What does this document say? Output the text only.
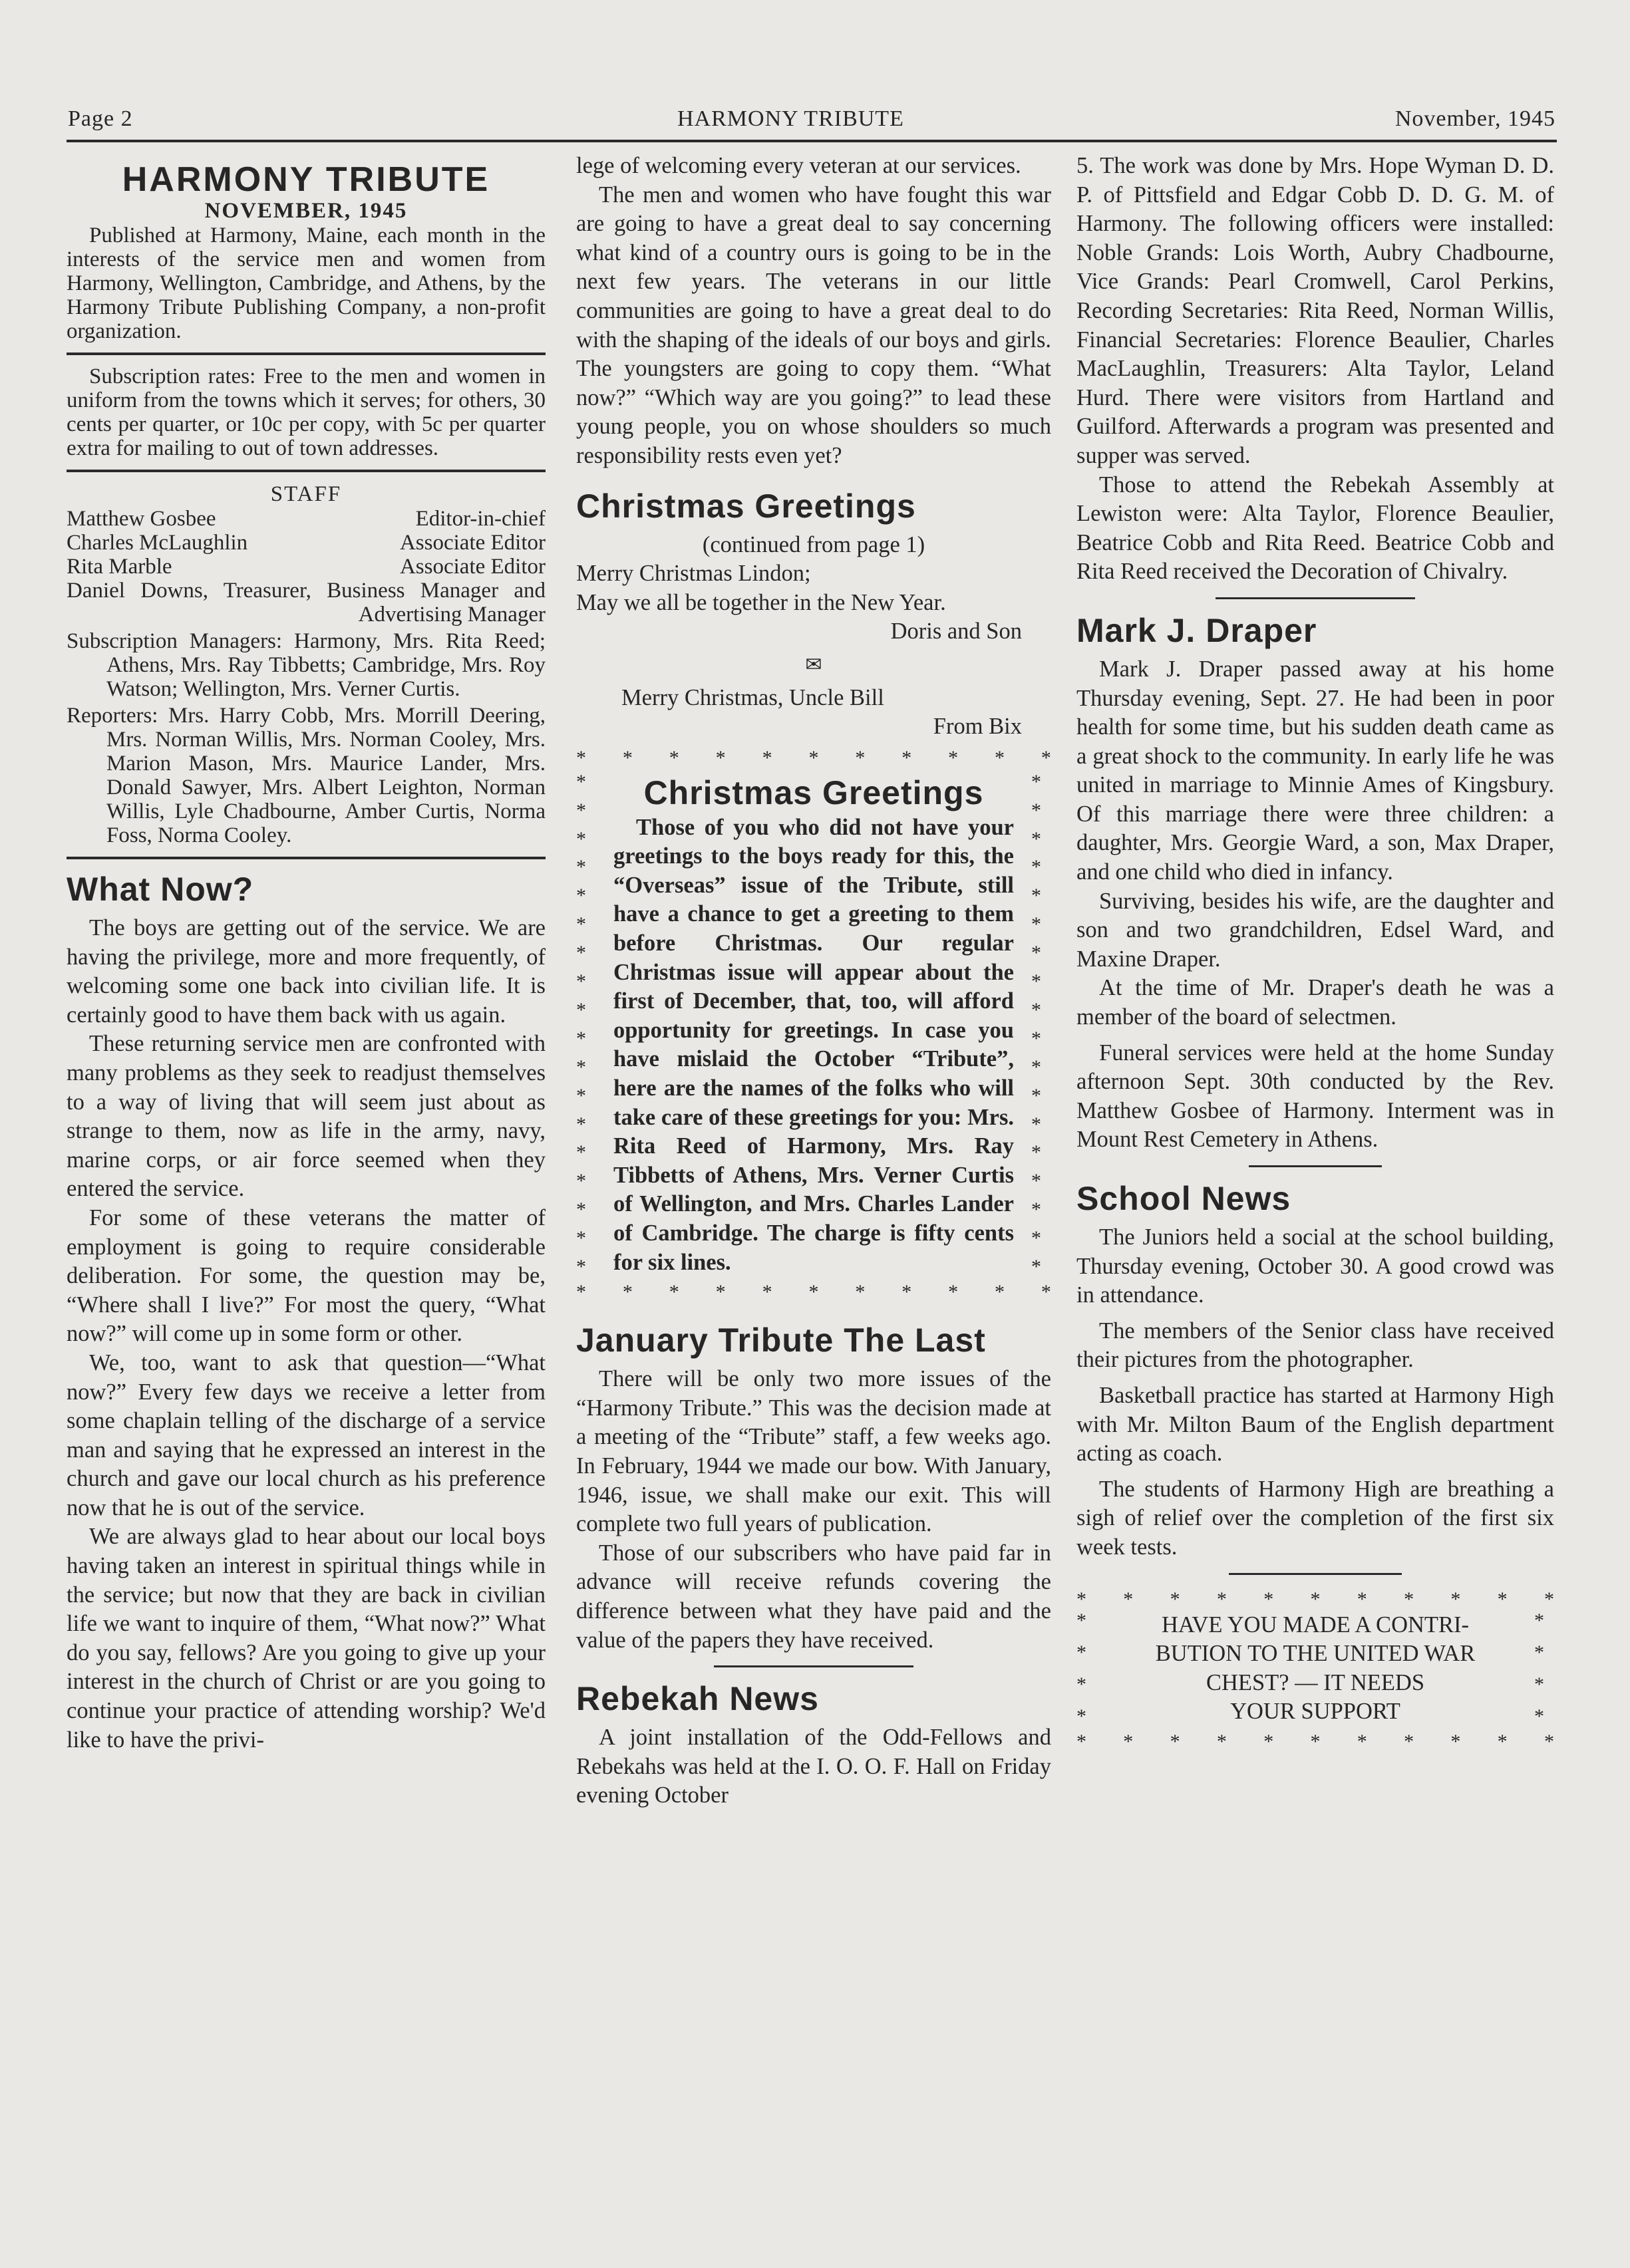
Page 2	HARMONY TRIBUTE	November, 1945
HARMONY TRIBUTE
NOVEMBER, 1945

Published at Harmony, Maine, each month in the interests of the service men and women from Harmony, Wellington, Cambridge, and Athens, by the Harmony Tribute Publishing Company, a non-profit organization.

Subscription rates: Free to the men and women in uniform from the towns which it serves; for others, 30 cents per quarter, or 10c per copy, with 5c per quarter extra for mailing to out of town addresses.

STAFF
Matthew Gosbee	Editor-in-chief
Charles McLaughlin	Associate Editor
Rita Marble	Associate Editor

Daniel Downs, Treasurer, Business Manager and Advertising Manager

Subscription Managers: Harmony, Mrs. Rita Reed; Athens, Mrs. Ray Tibbetts; Cambridge, Mrs. Roy Watson; Wellington, Mrs. Verner Curtis.

Reporters: Mrs. Harry Cobb, Mrs. Morrill Deering, Mrs. Norman Willis, Mrs. Norman Cooley, Mrs. Marion Mason, Mrs. Maurice Lander, Mrs. Donald Sawyer, Mrs. Albert Leighton, Norman Willis, Lyle Chadbourne, Amber Curtis, Norma Foss, Norma Cooley.

What Now?

The boys are getting out of the service. We are having the privilege, more and more frequently, of welcoming some one back into civilian life. It is certainly good to have them back with us again.

These returning service men are confronted with many problems as they seek to readjust themselves to a way of living that will seem just about as strange to them, now as life in the army, navy, marine corps, or air force seemed when they entered the service.

For some of these veterans the matter of employment is going to require considerable deliberation. For some, the question may be, “Where shall I live?” For most the query, “What now?” will come up in some form or other.

We, too, want to ask that question—“What now?” Every few days we receive a letter from some chaplain telling of the discharge of a service man and saying that he expressed an interest in the church and gave our local church as his preference now that he is out of the service.

We are always glad to hear about our local boys having taken an interest in spiritual things while in the service; but now that they are back in civilian life we want to inquire of them, “What now?” What do you say, fellows? Are you going to give up your interest in the church of Christ or are you going to continue your practice of attending worship? We'd like to have the privi-

lege of welcoming every veteran at our services.

The men and women who have fought this war are going to have a great deal to say concerning what kind of a country ours is going to be in the next few years. The veterans in our little communities are going to have a great deal to do with the shaping of the ideals of our boys and girls. The youngsters are going to copy them. “What now?” “Which way are you going?” to lead these young people, you on whose shoulders so much responsibility rests even yet?

Christmas Greetings
(continued from page 1)
Merry Christmas Lindon;
May we all be together in the New Year.
Doris and Son
✉
Merry Christmas, Uncle Bill
From Bix
* * * * * * * * * * *
*
*
*
*
*
*
*
*
*
*
*
*
*
*
*
*
*
*
*
*
*
*
*
*
*
*
*
*
*
*
*
*
*
*
*
*
Christmas Greetings

Those of you who did not have your greetings to the boys ready for this, the “Overseas” issue of the Tribute, still have a chance to get a greeting to them before Christmas. Our regular Christmas issue will appear about the first of December, that, too, will afford opportunity for greetings. In case you have mislaid the October “Tribute”, here are the names of the folks who will take care of these greetings for you: Mrs. Rita Reed of Harmony, Mrs. Ray Tibbetts of Athens, Mrs. Verner Curtis of Wellington, and Mrs. Charles Lander of Cambridge. The charge is fifty cents for six lines.

* * * * * * * * * * *
January Tribute The Last

There will be only two more issues of the “Harmony Tribute.” This was the decision made at a meeting of the “Tribute” staff, a few weeks ago. In February, 1944 we made our bow. With January, 1946, issue, we shall make our exit. This will complete two full years of publication.

Those of our subscribers who have paid far in advance will receive refunds covering the difference between what they have paid and the value of the papers they have received.

Rebekah News

A joint installation of the Odd-Fellows and Rebekahs was held at the I. O. O. F. Hall on Friday evening October

5. The work was done by Mrs. Hope Wyman D. D. P. of Pittsfield and Edgar Cobb D. D. G. M. of Harmony. The following officers were installed: Noble Grands: Lois Worth, Aubry Chadbourne, Vice Grands: Pearl Cromwell, Carol Perkins, Recording Secretaries: Rita Reed, Norman Willis, Financial Secretaries: Florence Beaulier, Charles MacLaughlin, Treasurers: Alta Taylor, Leland Hurd. There were visitors from Hartland and Guilford. Afterwards a program was presented and supper was served.

Those to attend the Rebekah Assembly at Lewiston were: Alta Taylor, Florence Beaulier, Beatrice Cobb and Rita Reed. Beatrice Cobb and Rita Reed received the Decoration of Chivalry.

Mark J. Draper

Mark J. Draper passed away at his home Thursday evening, Sept. 27. He had been in poor health for some time, but his sudden death came as a great shock to the community. In early life he was united in marriage to Minnie Ames of Kingsbury. Of this marriage there were three children: a daughter, Mrs. Georgie Ward, a son, Max Draper, and one child who died in infancy.

Surviving, besides his wife, are the daughter and son and two grandchildren, Edsel Ward, and Maxine Draper.

At the time of Mr. Draper's death he was a member of the board of selectmen.

Funeral services were held at the home Sunday afternoon Sept. 30th conducted by the Rev. Matthew Gosbee of Harmony. Interment was in Mount Rest Cemetery in Athens.

School News

The Juniors held a social at the school building, Thursday evening, October 30. A good crowd was in attendance.

The members of the Senior class have received their pictures from the photographer.

Basketball practice has started at Harmony High with Mr. Milton Baum of the English department acting as coach.

The students of Harmony High are breathing a sigh of relief over the completion of the first six week tests.

* * * * * * * * * * *
*
*
*
*
*
*
*
*
HAVE YOU MADE A CONTRI-
BUTION TO THE UNITED WAR
CHEST? — IT NEEDS
YOUR SUPPORT
* * * * * * * * * * *
